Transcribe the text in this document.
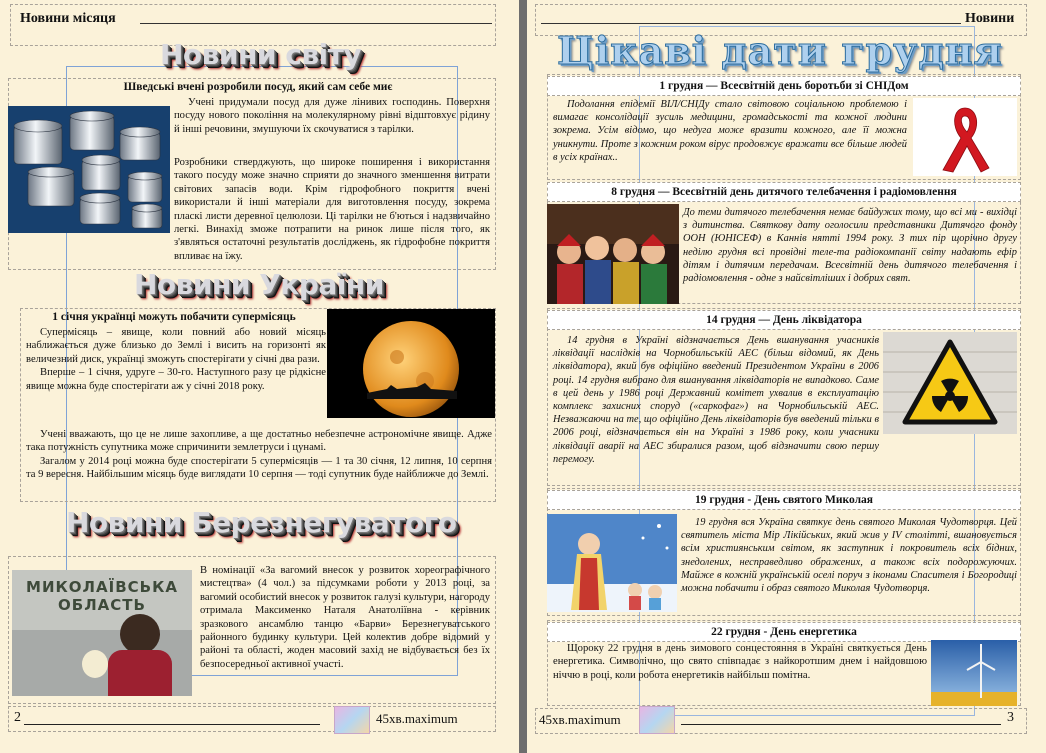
Новини місяця
Новини світу
Шведські вчені розробили посуд, який сам себе миє

Учені придумали посуд для дуже лінивих господинь. Поверхня посуду нового покоління на молекулярному рівні відштовхує рідину й інші речовини, змушуючи їх скочуватися з тарілки.

Розробники стверджують, що широке поширення і використання такого посуду може значно сприяти до значного зменшення витрати світових запасів води. Крім гідрофобного покриття вчені використали й інші матеріали для виготовлення посуду, зокрема пласкі листи деревної целюлози. Ці тарілки не б'ються і надзвичайно легкі. Винахід зможе потрапити на ринок лише після того, як з'являться остаточні результатів досліджень, як гідрофобне покриття впливає на їжу.

Новини України
1 січня українці можуть побачити суперміcяць

Суперміcяць – явище, коли повний або новий місяць наближається дуже близько до Землі і висить на горизонті як величезний диск, українці зможуть спостерігати у січні два рази.

Вперше – 1 січня, удруге – 30-го. Наступного разу це рідкісне явище можна буде спостерігати аж у січні 2018 року.

Учені вважають, що це не лише захопливе, а ще достатньо небезпечне астрономічне явище. Адже така потужність супутника може спричинити землетруси і цунамі.

Загалом у 2014 році можна буде спостерігати 5 суперміcяців — 1 та 30 січня, 12 липня, 10 серпня та 9 вересня. Найбільшим місяць буде виглядати 10 серпня — тоді супутник буде найближче до Землі.

Новини Березнегуватого
МИКОЛАЇВСЬКА ОБЛАСТЬ

В номінації «За вагомий внесок у розвиток хореографічного мистецтва» (4 чол.) за підсумками роботи у 2013 році, за вагомий особистий внесок у розвиток галузі культури, нагороду отримала Максименко Наталя Анатоліївна - керівник зразкового ансамблю танцю «Барви» Березнегуватського районного будинку культури. Цей колектив добре відомий у районі та області, жоден масовий захід не відбувається без їх безпосередньої активної участі.

2	45хв.maximum
Новини
Цікаві дати грудня
1 грудня — Всесвітній день боротьби зі СНІДом

Подолання епідемії ВІЛ/СНІДу стало світовою соціальною проблемою і вимагає консолідації зусиль медицини, громадськості та кожної людини зокрема. Усім відомо, що недуга може вразити кожного, але її можна уникнути. Проте з кожним роком вірус продовжує вражати все більше людей в усіх країнах..

8 грудня — Всесвітній день дитячого телебачення і радіомовлення

До теми дитячого телебачення немає байдужих тому, що всі ми - вихідці з дитинства. Святкову дату оголосили представники Дитячого фонду ООН (ЮНІСЕФ) в Каннів нятті 1994 року. З тих пір щорічно другу неділю грудня всі провідні теле-та радіокомпанії світу надають ефір дітям і дитячим передачам. Всесвітній день дитячого телебачення і радіомовлення - одне з найсвітліших і добрих свят.

14 грудня — День ліквідатора

14 грудня в Україні відзначається День вшанування учасників ліквідації наслідків на Чорнобильській АЕС (більш відомий, як День ліквідатора), який був офіційно введений Президентом України в 2006 році. 14 грудня вибрано для вшанування ліквідаторів не випадково. Саме в цей день у 1986 році Державний комітет ухвалив в експлуатацію комплекс захисних споруд («саркофаг») на Чорнобильській АЕС. Незважаючи на те, що офіційно День ліквідаторів був введений тільки в 2006 році, відзначається він на Україні з 1986 року, коли учасники ліквідації аварії на АЕС збиралися разом, щоб відзначити свою першу перемогу.

19 грудня - День святого Миколая

19 грудня вся Україна святкує день святого Миколая Чудотворця. Цей святитель міста Мір Лікійських, який жив у IV столітті, вшановується всім християнським світом, як заступник і покровитель всіх бідних, знедолених, несправедливо ображених, а також всіх подорожуючих. Майже в кожній українській оселі поруч з іконами Спасителя і Богородиці можна побачити і образ святого Миколая Чудотворця.

22 грудня - День енергетика

Щороку 22 грудня в день зимового сонцестояння в Україні святкується День енергетика. Символічно, що свято співпадає з найкоротшим днем і найдовшою ніччю в році, коли робота енергетиків найбільш помітна.

45хв.maximum	3
